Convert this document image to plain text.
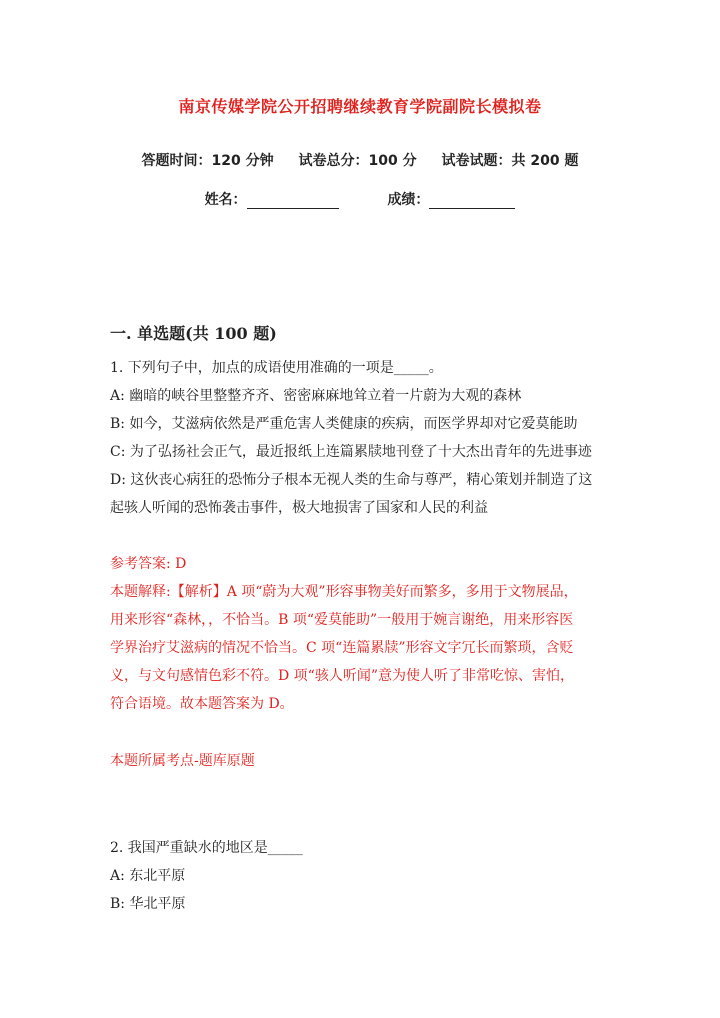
南京传媒学院公开招聘继续教育学院副院长模拟卷
答题时间：120 分钟 试卷总分：100 分 试卷试题：共 200 题
姓名：	成绩：
一. 单选题(共 100 题)
1. 下列句子中，加点的成语使用准确的一项是_____。
A: 幽暗的峡谷里整整齐齐、密密麻麻地耸立着一片蔚为大观的森林
B: 如今，艾滋病依然是严重危害人类健康的疾病，而医学界却对它爱莫能助
C: 为了弘扬社会正气，最近报纸上连篇累牍地刊登了十大杰出青年的先进事迹
D: 这伙丧心病狂的恐怖分子根本无视人类的生命与尊严，精心策划并制造了这
起骇人听闻的恐怖袭击事件，极大地损害了国家和人民的利益
参考答案: D
本题解释:【解析】A 项“蔚为大观”形容事物美好而繁多，多用于文物展品，
用来形容“森林，，不恰当。B 项“爱莫能助”一般用于婉言谢绝，用来形容医
学界治疗艾滋病的情况不恰当。C 项“连篇累牍”形容文字冗长而繁琐，含贬
义，与文句感情色彩不符。D 项“骇人听闻”意为使人听了非常吃惊、害怕，
符合语境。故本题答案为 D。
本题所属考点-题库原题
2. 我国严重缺水的地区是_____
A: 东北平原
B: 华北平原
